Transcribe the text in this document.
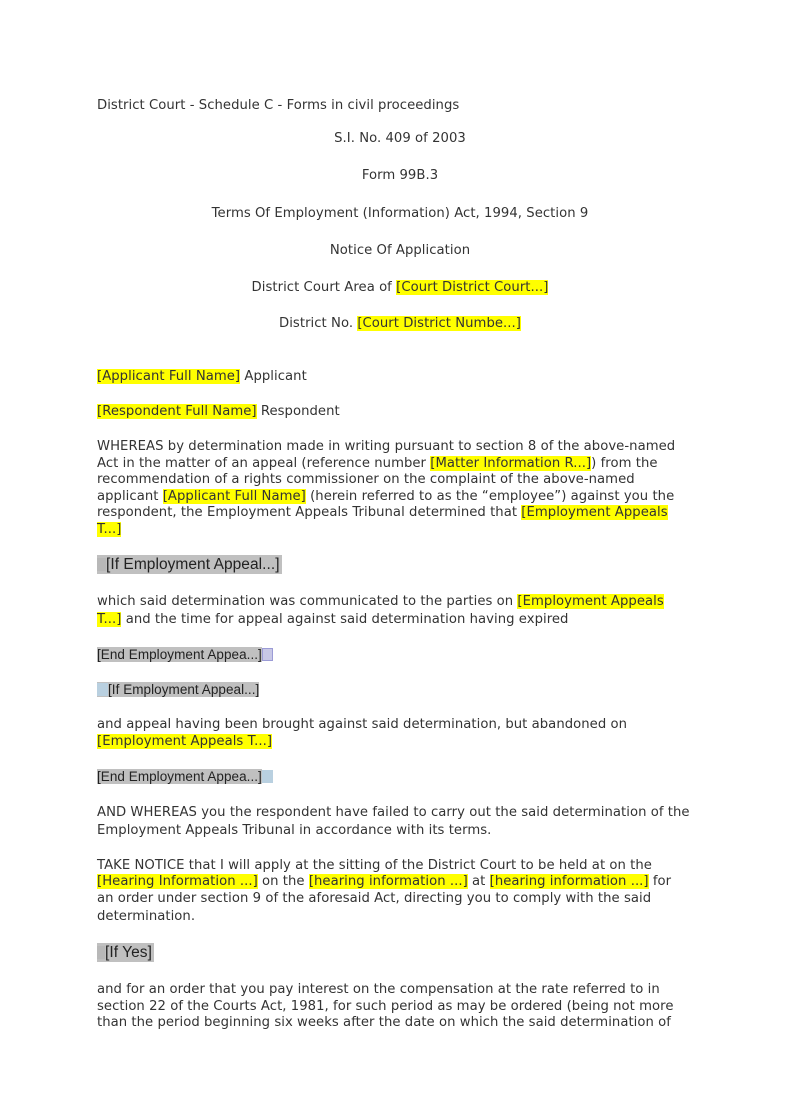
District Court - Schedule C - Forms in civil proceedings
S.I. No. 409 of 2003
Form 99B.3
Terms Of Employment (Information) Act, 1994, Section 9
Notice Of Application
District Court Area of [Court District Court...]
District No. [Court District Numbe...]
[Applicant Full Name] Applicant
[Respondent Full Name] Respondent
WHEREAS by determination made in writing pursuant to section 8 of the above-named
Act in the matter of an appeal (reference number [Matter Information R...]) from the
recommendation of a rights commissioner on the complaint of the above-named
applicant [Applicant Full Name] (herein referred to as the “employee”) against you the
respondent, the Employment Appeals Tribunal determined that [Employment Appeals
T...]
[If Employment Appeal...]
which said determination was communicated to the parties on [Employment Appeals
T...] and the time for appeal against said determination having expired
[End Employment Appea...]
[If Employment Appeal...]
and appeal having been brought against said determination, but abandoned on
[Employment Appeals T...]
[End Employment Appea...]
AND WHEREAS you the respondent have failed to carry out the said determination of the
Employment Appeals Tribunal in accordance with its terms.
TAKE NOTICE that I will apply at the sitting of the District Court to be held at on the
[Hearing Information ...] on the [hearing information ...] at [hearing information ...] for
an order under section 9 of the aforesaid Act, directing you to comply with the said
determination.
[If Yes]
and for an order that you pay interest on the compensation at the rate referred to in
section 22 of the Courts Act, 1981, for such period as may be ordered (being not more
than the period beginning six weeks after the date on which the said determination of
